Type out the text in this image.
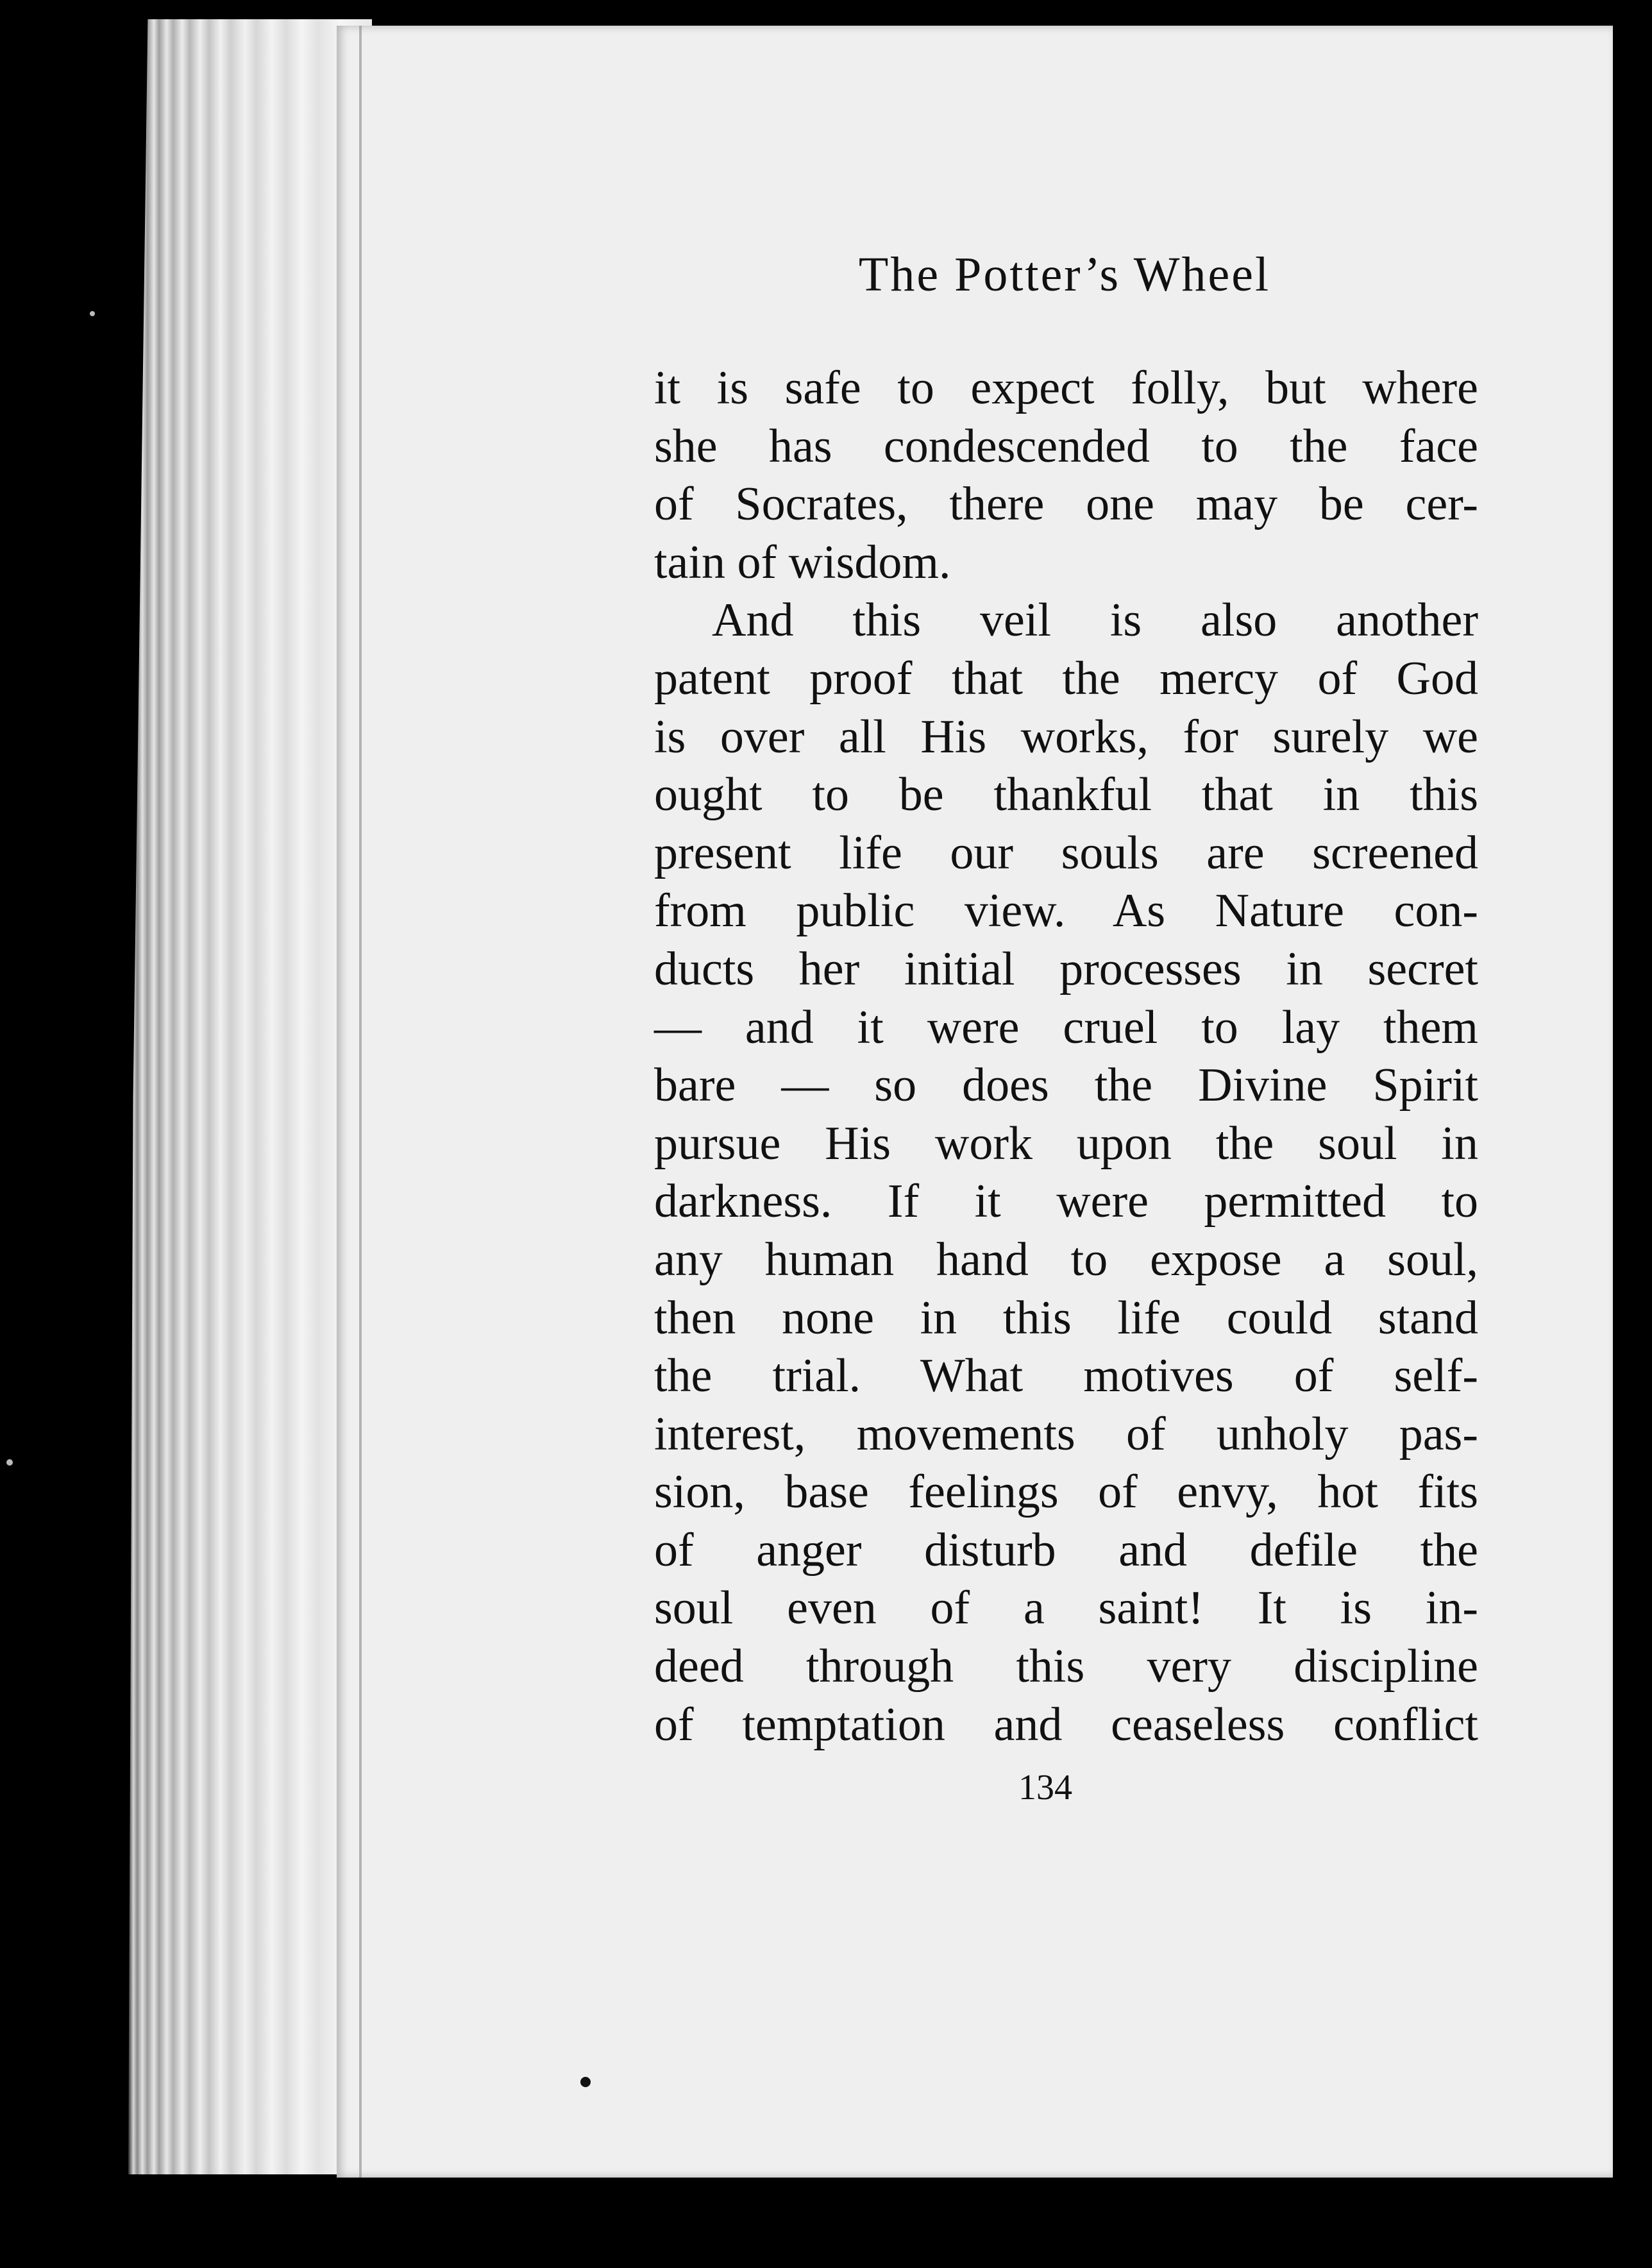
The Potter’s Wheel
it is safe to expect folly, but where
she has condescended to the face
of Socrates, there one may be cer-
tain of wisdom.
And this veil is also another
patent proof that the mercy of God
is over all His works, for surely we
ought to be thankful that in this
present life our souls are screened
from public view. As Nature con-
ducts her initial processes in secret
— and it were cruel to lay them
bare — so does the Divine Spirit
pursue His work upon the soul in
darkness. If it were permitted to
any human hand to expose a soul,
then none in this life could stand
the trial. What motives of self-
interest, movements of unholy pas-
sion, base feelings of envy, hot fits
of anger disturb and defile the
soul even of a saint! It is in-
deed through this very discipline
of temptation and ceaseless conflict
134
